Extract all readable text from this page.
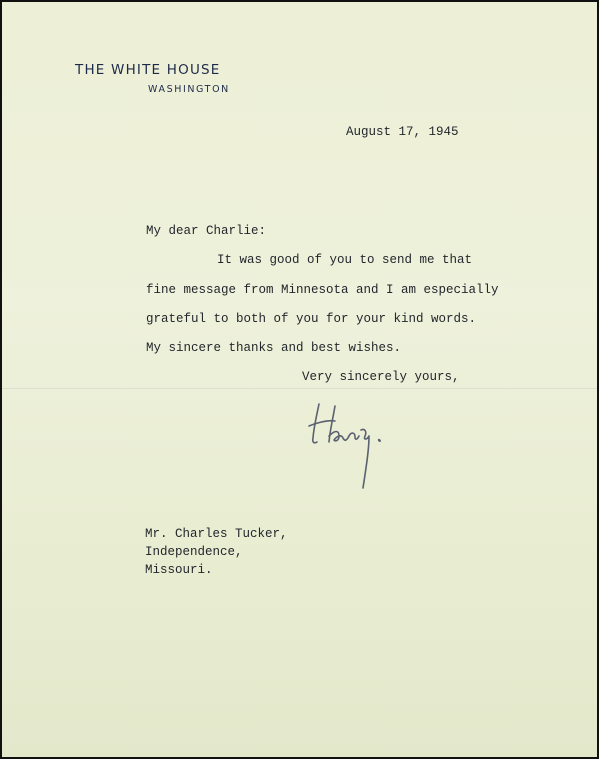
THE WHITE HOUSE
WASHINGTON
August 17, 1945
My dear Charlie:
It was good of you to send me that
fine message from Minnesota and I am especially
grateful to both of you for your kind words.
My sincere thanks and best wishes.
Very sincerely yours,
Mr. Charles Tucker,
Independence,
Missouri.
